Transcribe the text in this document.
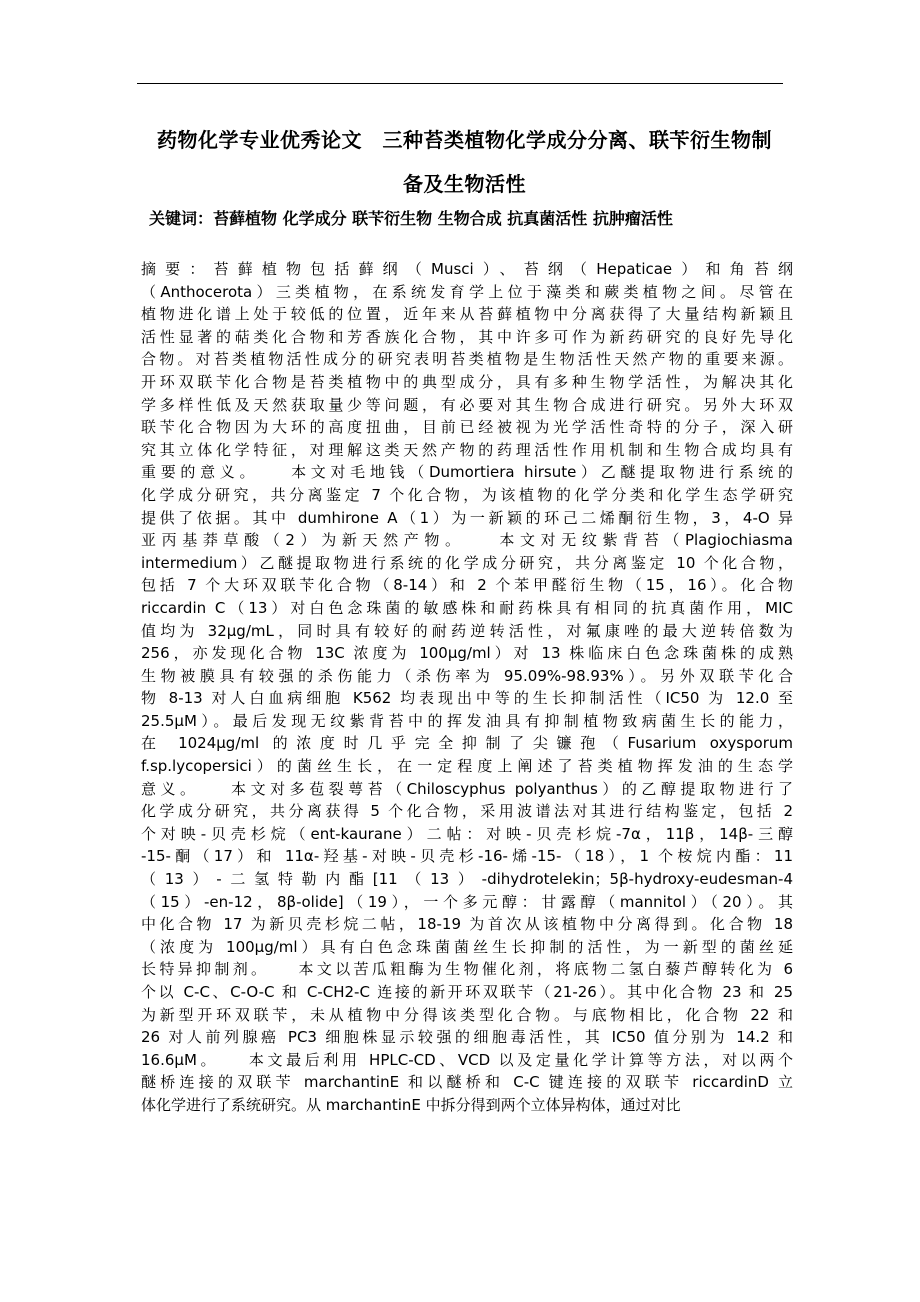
药物化学专业优秀论文　三种苔类植物化学成分分离、联苄衍生物制
备及生物活性
关键词：苔藓植物 化学成分 联苄衍生物 生物合成 抗真菌活性 抗肿瘤活性
摘要：苔藓植物包括藓纲（Musci）、苔纲（Hepaticae）和角苔纲
（Anthocerota）三类植物，在系统发育学上位于藻类和蕨类植物之间。尽管在
植物进化谱上处于较低的位置，近年来从苔藓植物中分离获得了大量结构新颖且
活性显著的萜类化合物和芳香族化合物，其中许多可作为新药研究的良好先导化
合物。对苔类植物活性成分的研究表明苔类植物是生物活性天然产物的重要来源。
开环双联苄化合物是苔类植物中的典型成分，具有多种生物学活性，为解决其化
学多样性低及天然获取量少等问题，有必要对其生物合成进行研究。另外大环双
联苄化合物因为大环的高度扭曲，目前已经被视为光学活性奇特的分子，深入研
究其立体化学特征，对理解这类天然产物的药理活性作用机制和生物合成均具有
重要的意义。　　本文对毛地钱（Dumortiera hirsute）乙醚提取物进行系统的
化学成分研究，共分离鉴定 7 个化合物，为该植物的化学分类和化学生态学研究
提供了依据。其中 dumhirone A（1）为一新颖的环己二烯酮衍生物，3，4-O 异
亚丙基莽草酸（2）为新天然产物。　　本文对无纹紫背苔（Plagiochiasma
intermedium）乙醚提取物进行系统的化学成分研究，共分离鉴定 10 个化合物，
包括 7 个大环双联苄化合物（8-14）和 2 个苯甲醛衍生物（15，16）。化合物
riccardin C（13）对白色念珠菌的敏感株和耐药株具有相同的抗真菌作用，MIC
值均为 32μg/mL，同时具有较好的耐药逆转活性，对氟康唑的最大逆转倍数为
256，亦发现化合物 13C 浓度为 100μg/ml）对 13 株临床白色念珠菌株的成熟
生物被膜具有较强的杀伤能力（杀伤率为 95.09%-98.93%）。另外双联苄化合
物 8-13 对人白血病细胞 K562 均表现出中等的生长抑制活性（IC50 为 12.0 至
25.5μM）。最后发现无纹紫背苔中的挥发油具有抑制植物致病菌生长的能力，
在 1024μg/ml 的浓度时几乎完全抑制了尖镰孢（Fusarium oxysporum
f.sp.lycopersici）的菌丝生长，在一定程度上阐述了苔类植物挥发油的生态学
意义。　　本文对多苞裂萼苔（Chiloscyphus polyanthus）的乙醇提取物进行了
化学成分研究，共分离获得 5 个化合物，采用波谱法对其进行结构鉴定，包括 2
个对映-贝壳杉烷（ent-kaurane）二帖：对映-贝壳杉烷-7α，11β，14β-三醇
-15-酮（17）和 11α-羟基-对映-贝壳杉-16-烯-15-（18），1 个桉烷内酯：11
（13）-二氢特勒内酯[11（13）-dihydrotelekin；5β-hydroxy-eudesman-4
（15）-en-12，8β-olide]（19），一个多元醇：甘露醇（mannitol）（20）。其
中化合物 17 为新贝壳杉烷二帖，18-19 为首次从该植物中分离得到。化合物 18
（浓度为 100μg/ml）具有白色念珠菌菌丝生长抑制的活性，为一新型的菌丝延
长特异抑制剂。　　本文以苦瓜粗酶为生物催化剂，将底物二氢白藜芦醇转化为 6
个以 C-C、C-O-C 和 C-CH2-C 连接的新开环双联苄（21-26）。其中化合物 23 和 25
为新型开环双联苄，未从植物中分得该类型化合物。与底物相比，化合物 22 和
26 对人前列腺癌 PC3 细胞株显示较强的细胞毒活性，其 IC50 值分别为 14.2 和
16.6μM。　　本文最后利用 HPLC-CD、VCD 以及定量化学计算等方法，对以两个
醚桥连接的双联苄 marchantinE 和以醚桥和 C-C 键连接的双联苄 riccardinD 立
体化学进行了系统研究。从 marchantinE 中拆分得到两个立体异构体，通过对比
